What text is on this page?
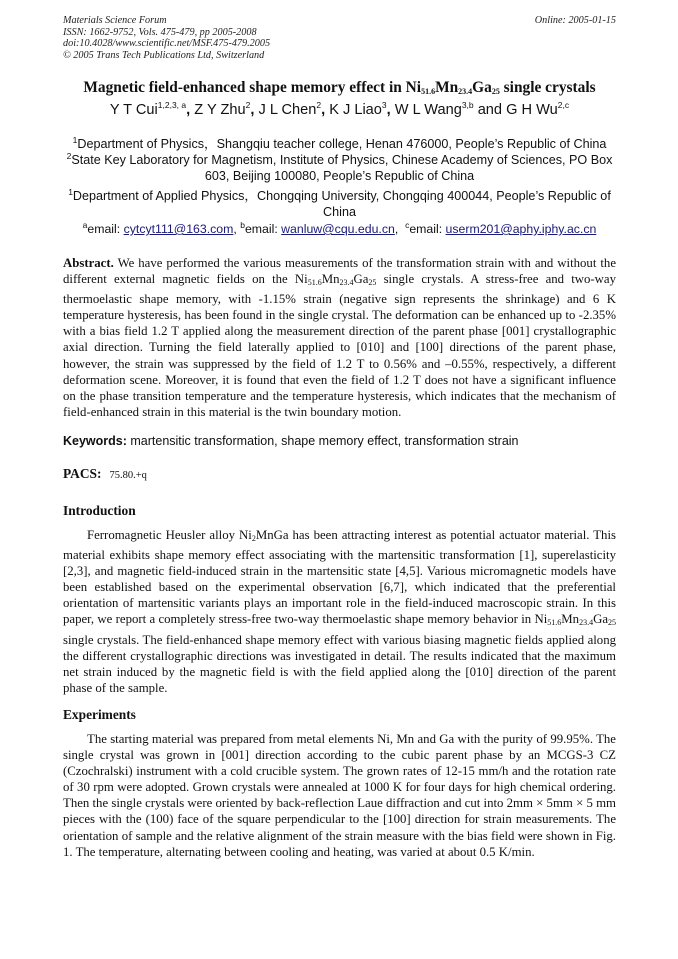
Materials Science Forum
ISSN: 1662-9752, Vols. 475-479, pp 2005-2008
doi:10.4028/www.scientific.net/MSF.475-479.2005
© 2005 Trans Tech Publications Ltd, Switzerland
Online: 2005-01-15
Magnetic field-enhanced shape memory effect in $Ni_{51.6}Mn_{23.4}Ga_{25}$ single crystals
Y T Cui$^{1,2,3, a}$, Z Y Zhu$^2$, J L Chen$^2$, K J Liao$^3$, W L Wang$^{3,b}$ and G H Wu$^{2,c}$
$^1$Department of Physics，Shangqiu teacher college, Henan 476000, People’s Republic of China
$^2$State Key Laboratory for Magnetism, Institute of Physics, Chinese Academy of Sciences, PO Box 603, Beijing 100080, People’s Republic of China
$^1$Department of Applied Physics，Chongqing University, Chongqing 400044, People’s Republic of China
$^a$email: cytcyt111@163.com, $^b$email: wanluw@cqu.edu.cn,  $^c$email: userm201@aphy.iphy.ac.cn
Abstract. We have performed the various measurements of the transformation strain with and without the different external magnetic fields on the $Ni_{51.6}Mn_{23.4}Ga_{25}$ single crystals. A stress-free and two-way thermoelastic shape memory, with -1.15% strain (negative sign represents the shrinkage) and 6 K temperature hysteresis, has been found in the single crystal. The deformation can be enhanced up to -2.35% with a bias field 1.2 T applied along the measurement direction of the parent phase [001] crystallographic axial direction. Turning the field laterally applied to [010] and [100] directions of the parent phase, however, the strain was suppressed by the field of 1.2 T to 0.56% and –0.55%, respectively, a different deformation scene. Moreover, it is found that even the field of 1.2 T does not have a significant influence on the phase transition temperature and the temperature hysteresis, which indicates that the mechanism of field-enhanced strain in this material is the twin boundary motion.
Keywords: martensitic transformation, shape memory effect, transformation strain
PACS: 75.80.+q
Introduction
Ferromagnetic Heusler alloy $Ni_2MnGa$ has been attracting interest as potential actuator material. This material exhibits shape memory effect associating with the martensitic transformation [1], superelasticity [2,3], and magnetic field-induced strain in the martensitic state [4,5]. Various micromagnetic models have been established based on the experimental observation [6,7], which indicated that the preferential orientation of martensitic variants plays an important role in the field-induced macroscopic strain. In this paper, we report a completely stress-free two-way thermoelastic shape memory behavior in $Ni_{51.6}Mn_{23.4}Ga_{25}$ single crystals. The field-enhanced shape memory effect with various biasing magnetic fields applied along the different crystallographic directions was investigated in detail. The results indicated that the maximum net strain induced by the magnetic field is with the field applied along the [010] direction of the parent phase of the sample.
Experiments
The starting material was prepared from metal elements Ni, Mn and Ga with the purity of 99.95%. The single crystal was grown in [001] direction according to the cubic parent phase by an MCGS-3 CZ (Czochralski) instrument with a cold crucible system. The grown rates of 12-15 mm/h and the rotation rate of 30 rpm were adopted. Grown crystals were annealed at 1000 K for four days for high chemical ordering. Then the single crystals were oriented by back-reflection Laue diffraction and cut into 2mm × 5mm × 5 mm pieces with the (100) face of the square perpendicular to the [100] direction for strain measurements. The orientation of sample and the relative alignment of the strain measure with the bias field were shown in Fig. 1. The temperature, alternating between cooling and heating, was varied at about 0.5 K/min.
